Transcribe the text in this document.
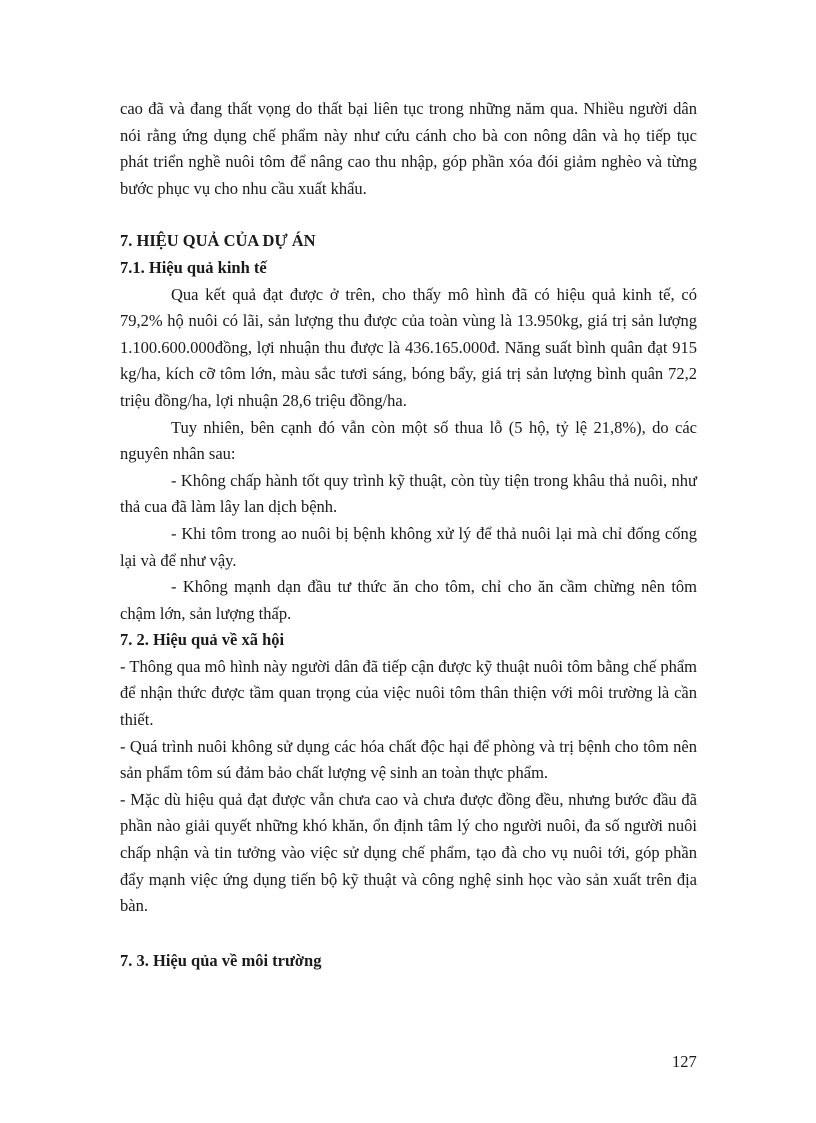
cao đã và đang thất vọng do thất bại liên tục trong những năm qua. Nhiều người dân nói rằng ứng dụng chế phẩm này như cứu cánh cho bà con nông dân và họ tiếp tục phát triển nghề nuôi tôm để nâng cao thu nhập, góp phần xóa đói giảm nghèo và từng bước phục vụ cho nhu cầu xuất khẩu.

7. HIỆU QUẢ CỦA DỰ ÁN

7.1. Hiệu quả kinh tế

Qua kết quả đạt được ở trên, cho thấy mô hình đã có hiệu quả kinh tế, có 79,2% hộ nuôi có lãi, sản lượng thu được của toàn vùng là 13.950kg, giá trị sản lượng 1.100.600.000đồng, lợi nhuận thu được là 436.165.000đ. Năng suất bình quân đạt 915 kg/ha, kích cỡ tôm lớn, màu sắc tươi sáng, bóng bẩy, giá trị sản lượng bình quân 72,2 triệu đồng/ha, lợi nhuận 28,6 triệu đồng/ha.

Tuy nhiên, bên cạnh đó vẫn còn một số thua lỗ (5 hộ, tỷ lệ 21,8%), do các nguyên nhân sau:

- Không chấp hành tốt quy trình kỹ thuật, còn tùy tiện trong khâu thả nuôi, như thả cua đã làm lây lan dịch bệnh.

- Khi tôm trong ao nuôi bị bệnh không xử lý để thả nuôi lại mà chỉ đống cống lại và để như vậy.

- Không mạnh dạn đầu tư thức ăn cho tôm, chỉ cho ăn cầm chừng nên tôm chậm lớn, sản lượng thấp.

7. 2. Hiệu quả về xã hội

- Thông qua mô hình này người dân đã tiếp cận được kỹ thuật nuôi tôm bằng chế phẩm để nhận thức được tầm quan trọng của việc nuôi tôm thân thiện với môi trường là cần thiết.

- Quá trình nuôi không sử dụng các hóa chất độc hại để phòng và trị bệnh cho tôm nên sản phẩm tôm sú đảm bảo chất lượng vệ sinh an toàn thực phẩm.

- Mặc dù hiệu quả đạt được vẫn chưa cao và chưa được đồng đều, nhưng bước đầu đã phần nào giải quyết những khó khăn, ổn định tâm lý cho người nuôi, đa số người nuôi chấp nhận và tin tưởng vào việc sử dụng chế phẩm, tạo đà cho vụ nuôi tới, góp phần đẩy mạnh việc ứng dụng tiến bộ kỹ thuật và công nghệ sinh học vào sản xuất trên địa bàn.

7. 3. Hiệu qủa về môi trường

127
